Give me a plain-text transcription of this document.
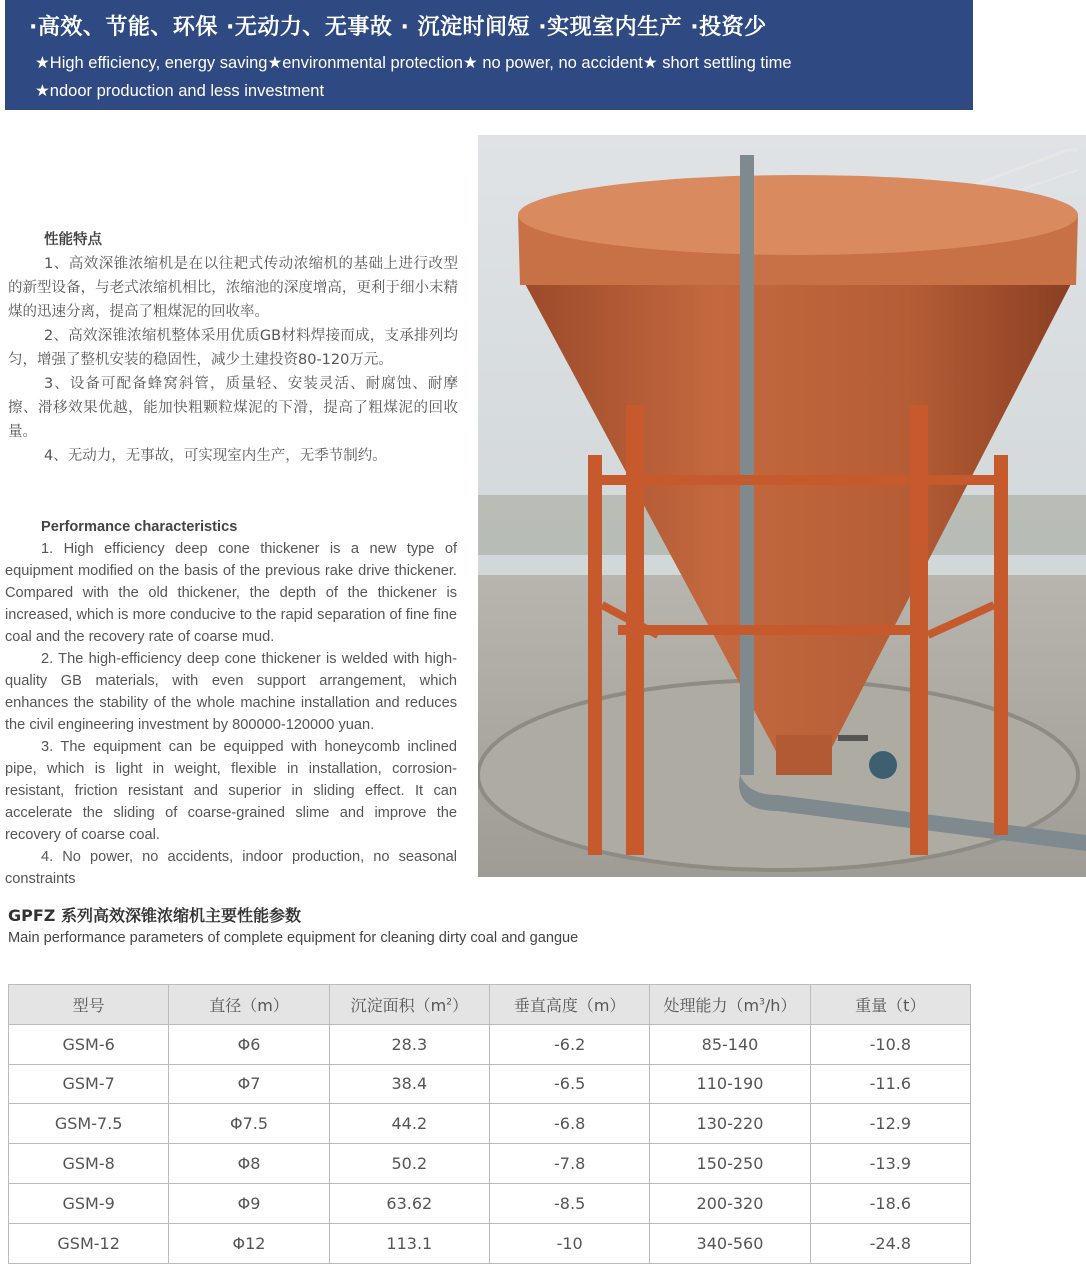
·高效、节能、环保 ·无动力、无事故 · 沉淀时间短 ·实现室内生产 ·投资少
★High efficiency, energy saving★environmental protection★ no power, no accident★ short settling time
★ndoor production and less investment
性能特点

1、高效深锥浓缩机是在以往耙式传动浓缩机的基础上进行改型的新型设备，与老式浓缩机相比，浓缩池的深度增高，更利于细小末精煤的迅速分离，提高了粗煤泥的回收率。

2、高效深锥浓缩机整体采用优质GB材料焊接而成，支承排列均匀，增强了整机安装的稳固性，减少土建投资80-120万元。

3、设备可配备蜂窝斜管，质量轻、安装灵活、耐腐蚀、耐摩擦、滑移效果优越，能加快粗颗粒煤泥的下滑，提高了粗煤泥的回收量。

4、无动力，无事故，可实现室内生产，无季节制约。

Performance characteristics

1. High efficiency deep cone thickener is a new type of equipment modified on the basis of the previous rake drive thickener. Compared with the old thickener, the depth of the thickener is increased, which is more conducive to the rapid separation of fine fine coal and the recovery rate of coarse mud.

2. The high-efficiency deep cone thickener is welded with high-quality GB materials, with even support arrangement, which enhances the stability of the whole machine installation and reduces the civil engineering investment by 800000-120000 yuan.

3. The equipment can be equipped with honeycomb inclined pipe, which is light in weight, flexible in installation, corrosion-resistant, friction resistant and superior in sliding effect. It can accelerate the sliding of coarse-grained slime and improve the recovery of coarse coal.

4. No power, no accidents, indoor production, no seasonal constraints

GPFZ 系列高效深锥浓缩机主要性能参数
Main performance parameters of complete equipment for cleaning dirty coal and gangue
型号	直径（m）	沉淀面积$(m^2)$	垂直高度（m）	处理能力$(m^3/h)$	重量（t）
GSM-6	Φ6	28.3	-6.2	85-140	-10.8
GSM-7	Φ7	38.4	-6.5	110-190	-11.6
GSM-7.5	Φ7.5	44.2	-6.8	130-220	-12.9
GSM-8	Φ8	50.2	-7.8	150-250	-13.9
GSM-9	Φ9	63.62	-8.5	200-320	-18.6
GSM-12	Φ12	113.1	-10	340-560	-24.8
